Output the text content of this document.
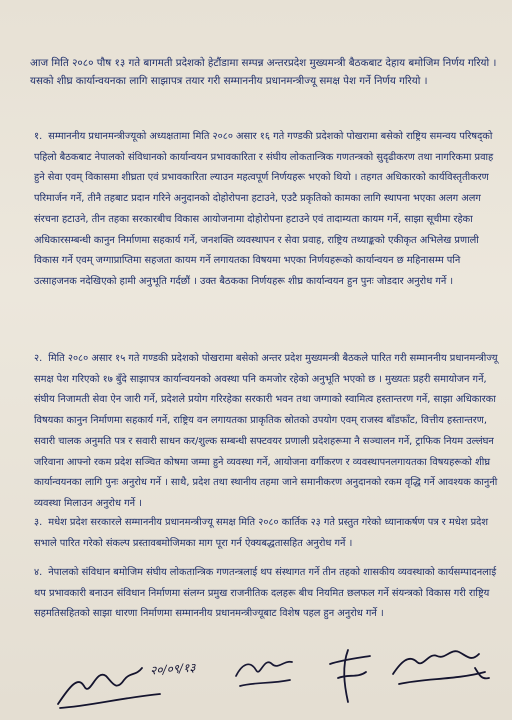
आज मिति २०८० पौष १३ गते बागमती प्रदेशको हेटौंडामा सम्पन्न अन्तरप्रदेश मुख्यमन्त्री बैठकबाट देहाय बमोजिम निर्णय गरियो । यसको शीघ्र कार्यान्वयनका लागि साझापत्र तयार गरी सम्माननीय प्रधानमन्त्रीज्यू समक्ष पेश गर्ने निर्णय गरियो ।
१. सम्माननीय प्रधानमन्त्रीज्यूको अध्यक्षतामा मिति २०८० असार १६ गते गण्डकी प्रदेशको पोखरामा बसेको राष्ट्रिय समन्वय परिषद्को पहिलो बैठकबाट नेपालको संविधानको कार्यान्वयन प्रभावकारिता र संघीय लोकतान्त्रिक गणतन्त्रको सुदृढीकरण तथा नागरिकमा प्रवाह हुने सेवा एवम् विकासमा शीघ्रता एवं प्रभावकारिता ल्याउन महत्वपूर्ण निर्णयहरू भएको थियो । तहगत अधिकारको कार्यविस्तृतीकरण परिमार्जन गर्ने, तीनै तहबाट प्रदान गरिने अनुदानको दोहोरोपना हटाउने, एउटै प्रकृतिको कामका लागि स्थापना भएका अलग अलग संरचना हटाउने, तीन तहका सरकारबीच विकास आयोजनामा दोहोरोपना हटाउने एवं तादाम्यता कायम गर्ने, साझा सूचीमा रहेका अधिकारसम्बन्धी कानुन निर्माणमा सहकार्य गर्ने, जनशक्ति व्यवस्थापन र सेवा प्रवाह, राष्ट्रिय तथ्याङ्कको एकीकृत अभिलेख प्रणाली विकास गर्ने एवम् जग्गाप्राप्तिमा सहजता कायम गर्ने लगायतका विषयमा भएका निर्णयहरूको कार्यान्वयन छ महिनासम्म पनि उत्साहजनक नदेखिएको हामी अनुभूति गर्दछौं । उक्त बैठकका निर्णयहरू शीघ्र कार्यान्वयन हुन पुनः जोडदार अनुरोध गर्ने ।
२. मिति २०८० असार १५ गते गण्डकी प्रदेशको पोखरामा बसेको अन्तर प्रदेश मुख्यमन्त्री बैठकले पारित गरी सम्माननीय प्रधानमन्त्रीज्यू समक्ष पेश गरिएको १७ बुँदे साझापत्र कार्यान्वयनको अवस्था पनि कमजोर रहेको अनुभूति भएको छ । मुख्यतः प्रहरी समायोजन गर्ने, संघीय निजामती सेवा ऐन जारी गर्ने, प्रदेशले प्रयोग गरिरहेका सरकारी भवन तथा जग्गाको स्वामित्व हस्तान्तरण गर्ने, साझा अधिकारका विषयका कानुन निर्माणमा सहकार्य गर्ने, राष्ट्रिय वन लगायतका प्राकृतिक स्रोतको उपयोग एवम् राजस्व बाँडफाँट, वित्तीय हस्तान्तरण, सवारी चालक अनुमति पत्र र सवारी साधन कर/शुल्क सम्बन्धी सफ्टवयर प्रणाली प्रदेशहरूमा नै सञ्चालन गर्ने, ट्राफिक नियम उल्लंघन जरिवाना आफ्नो रकम प्रदेश सञ्चित कोषमा जम्मा हुने व्यवस्था गर्ने, आयोजना वर्गीकरण र व्यवस्थापनलगायतका विषयहरूको शीघ्र कार्यान्वयनका लागि पुनः अनुरोध गर्ने । साथै, प्रदेश तथा स्थानीय तहमा जाने समानीकरण अनुदानको रकम वृद्धि गर्ने आवश्यक कानुनी व्यवस्था मिलाउन अनुरोध गर्ने ।
३. मधेश प्रदेश सरकारले सम्माननीय प्रधानमन्त्रीज्यू समक्ष मिति २०८० कार्तिक २३ गते प्रस्तुत गरेको ध्यानाकर्षण पत्र र मधेश प्रदेश सभाले पारित गरेको संकल्प प्रस्तावबमोजिमका माग पूरा गर्न ऐक्यबद्धतासहित अनुरोध गर्ने ।
४. नेपालको संविधान बमोजिम संघीय लोकतान्त्रिक गणतन्त्रलाई थप संस्थागत गर्ने तीन तहको शासकीय व्यवस्थाको कार्यसम्पादनलाई थप प्रभावकारी बनाउन संविधान निर्माणमा संलग्न प्रमुख राजनीतिक दलहरू बीच नियमित छलफल गर्ने संयन्त्रको विकास गरी राष्ट्रिय सहमतिसहितको साझा धारणा निर्माणमा सम्माननीय प्रधानमन्त्रीज्यूबाट विशेष पहल हुन अनुरोध गर्ने ।
२०/०९/१३
